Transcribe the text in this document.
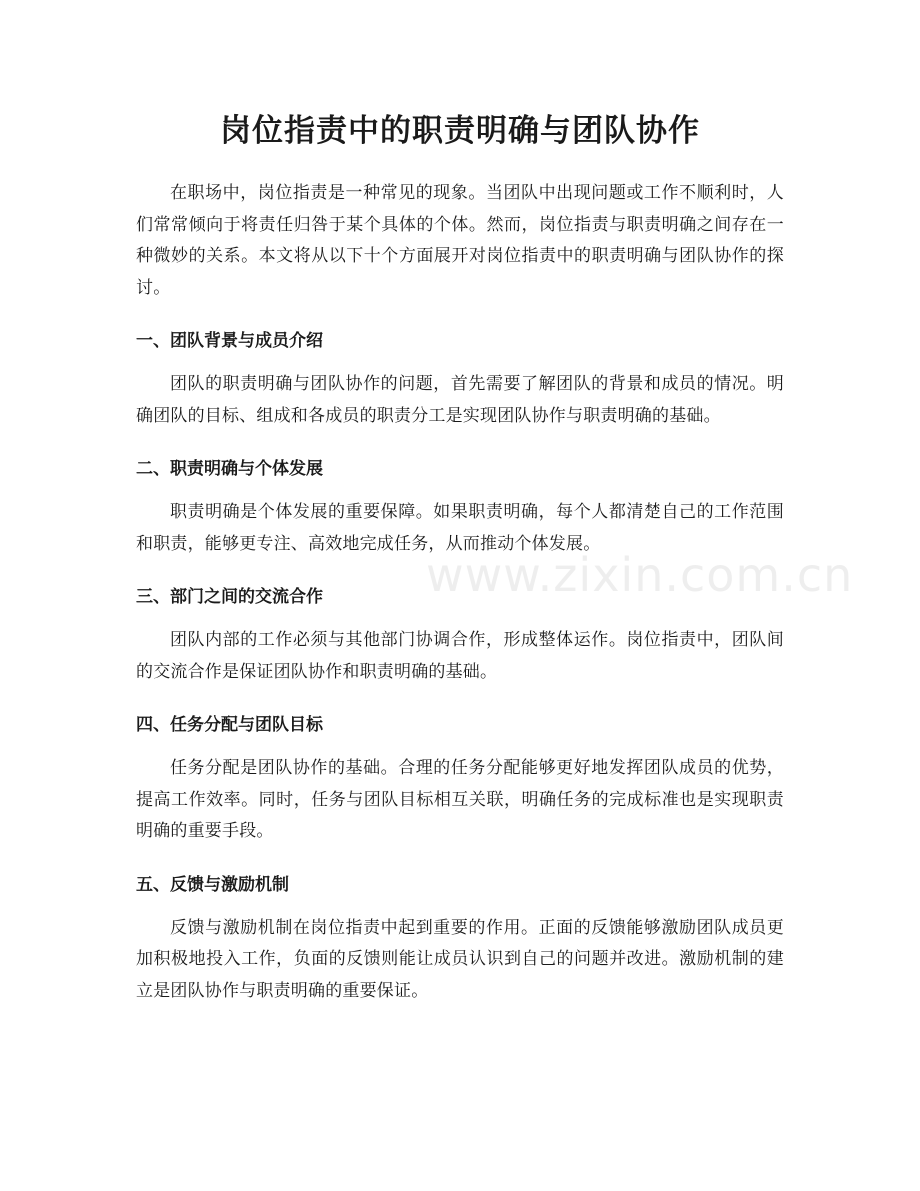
岗位指责中的职责明确与团队协作

在职场中，岗位指责是一种常见的现象。当团队中出现问题或工作不顺利时，人们常常倾向于将责任归咎于某个具体的个体。然而，岗位指责与职责明确之间存在一种微妙的关系。本文将从以下十个方面展开对岗位指责中的职责明确与团队协作的探讨。

一、团队背景与成员介绍

团队的职责明确与团队协作的问题，首先需要了解团队的背景和成员的情况。明确团队的目标、组成和各成员的职责分工是实现团队协作与职责明确的基础。

二、职责明确与个体发展

职责明确是个体发展的重要保障。如果职责明确，每个人都清楚自己的工作范围和职责，能够更专注、高效地完成任务，从而推动个体发展。

三、部门之间的交流合作

团队内部的工作必须与其他部门协调合作，形成整体运作。岗位指责中，团队间的交流合作是保证团队协作和职责明确的基础。

四、任务分配与团队目标

任务分配是团队协作的基础。合理的任务分配能够更好地发挥团队成员的优势，提高工作效率。同时，任务与团队目标相互关联，明确任务的完成标准也是实现职责明确的重要手段。

五、反馈与激励机制

反馈与激励机制在岗位指责中起到重要的作用。正面的反馈能够激励团队成员更加积极地投入工作，负面的反馈则能让成员认识到自己的问题并改进。激励机制的建立是团队协作与职责明确的重要保证。

www.zixin.com.cn
